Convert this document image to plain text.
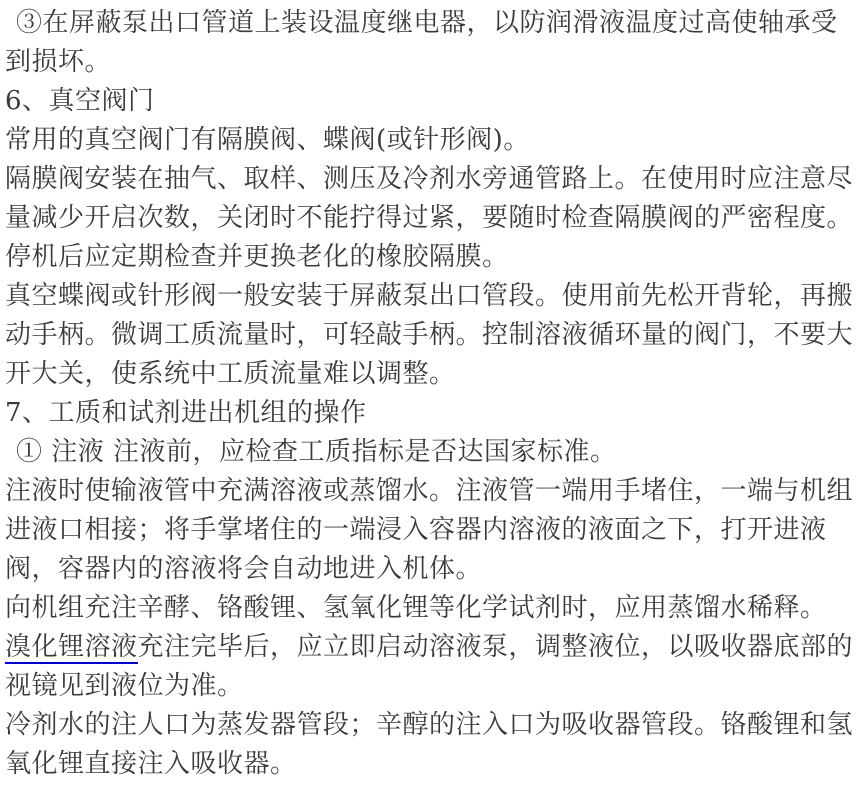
③在屏蔽泵出口管道上装设温度继电器，以防润滑液温度过高使轴承受到损坏。

6、真空阀门

常用的真空阀门有隔膜阀、蝶阀(或针形阀)。

隔膜阀安装在抽气、取样、测压及冷剂水旁通管路上。在使用时应注意尽量减少开启次数，关闭时不能拧得过紧，要随时检查隔膜阀的严密程度。停机后应定期检查并更换老化的橡胶隔膜。

真空蝶阀或针形阀一般安装于屏蔽泵出口管段。使用前先松开背轮，再搬动手柄。微调工质流量时，可轻敲手柄。控制溶液循环量的阀门，不要大开大关，使系统中工质流量难以调整。

7、工质和试剂进出机组的操作

① 注液 注液前，应检查工质指标是否达国家标准。

注液时使输液管中充满溶液或蒸馏水。注液管一端用手堵住，一端与机组进液口相接；将手掌堵住的一端浸入容器内溶液的液面之下，打开进液阀，容器内的溶液将会自动地进入机体。

向机组充注辛酵、铬酸锂、氢氧化锂等化学试剂时，应用蒸馏水稀释。

溴化锂溶液充注完毕后，应立即启动溶液泵，调整液位，以吸收器底部的视镜见到液位为准。

冷剂水的注人口为蒸发器管段；辛醇的注入口为吸收器管段。铬酸锂和氢氧化锂直接注入吸收器。
